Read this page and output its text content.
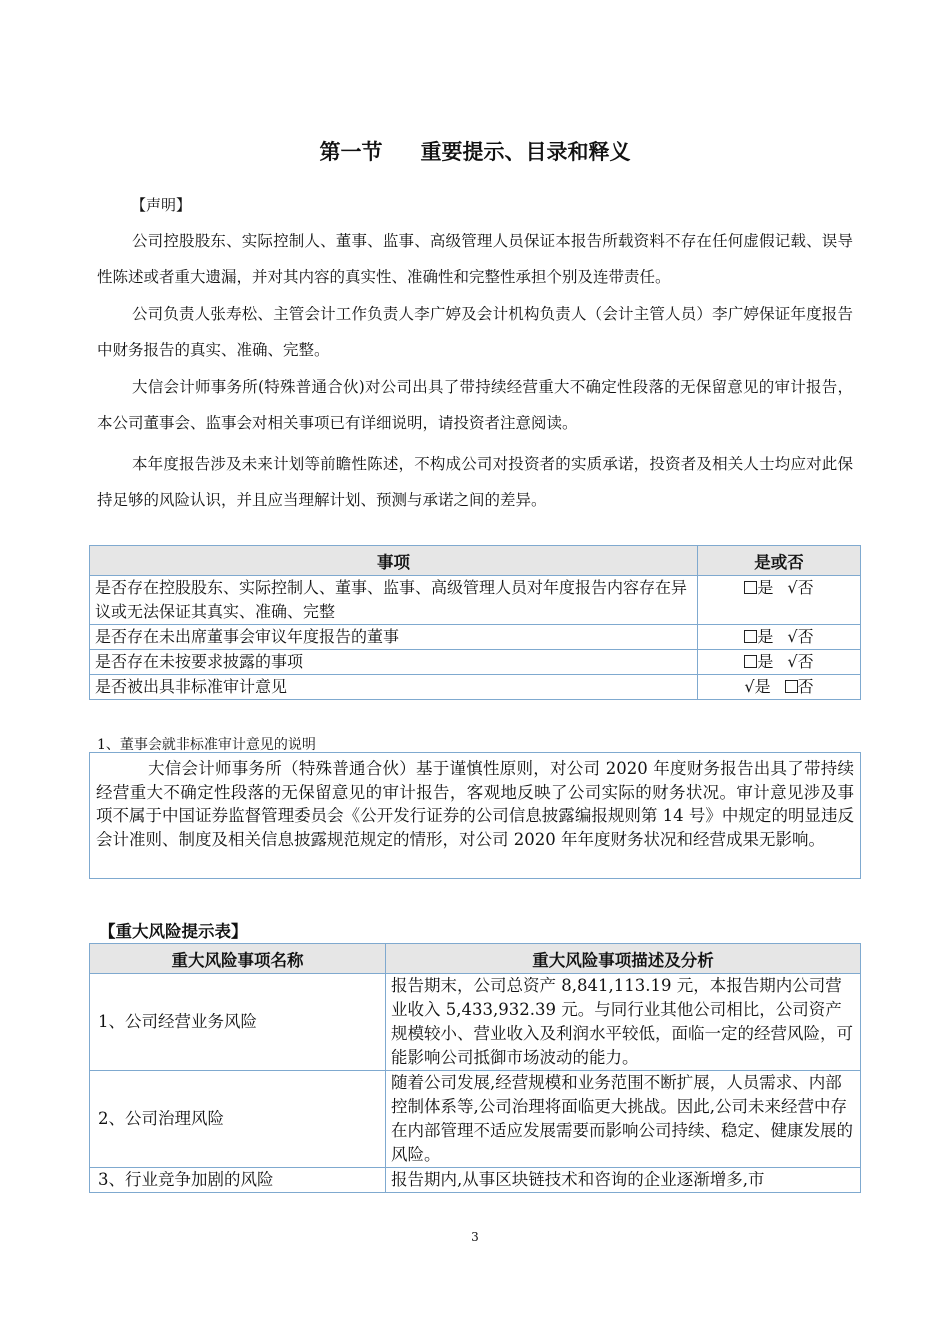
第一节 重要提示、目录和释义
【声明】

公司控股股东、实际控制人、董事、监事、高级管理人员保证本报告所载资料不存在任何虚假记载、误导性陈述或者重大遗漏，并对其内容的真实性、准确性和完整性承担个别及连带责任。

公司负责人张寿松、主管会计工作负责人李广婷及会计机构负责人（会计主管人员）李广婷保证年度报告中财务报告的真实、准确、完整。

大信会计师事务所(特殊普通合伙)对公司出具了带持续经营重大不确定性段落的无保留意见的审计报告，本公司董事会、监事会对相关事项已有详细说明，请投资者注意阅读。

本年度报告涉及未来计划等前瞻性陈述，不构成公司对投资者的实质承诺，投资者及相关人士均应对此保持足够的风险认识，并且应当理解计划、预测与承诺之间的差异。

事项	是或否
是否存在控股股东、实际控制人、董事、监事、高级管理人员对年度报告内容存在异议或无法保证其真实、准确、完整	是 √否
是否存在未出席董事会审议年度报告的董事	是 √否
是否存在未按要求披露的事项	是 √否
是否被出具非标准审计意见	√是 否
1、董事会就非标准审计意见的说明
大信会计师事务所（特殊普通合伙）基于谨慎性原则，对公司 2020 年度财务报告出具了带持续经营重大不确定性段落的无保留意见的审计报告，客观地反映了公司实际的财务状况。审计意见涉及事项不属于中国证券监督管理委员会《公开发行证券的公司信息披露编报规则第 14 号》中规定的明显违反会计准则、制度及相关信息披露规范规定的情形，对公司 2020 年年度财务状况和经营成果无影响。
【重大风险提示表】
重大风险事项名称	重大风险事项描述及分析
1、公司经营业务风险	报告期末，公司总资产 8,841,113.19 元，本报告期内公司营业收入 5,433,932.39 元。与同行业其他公司相比，公司资产规模较小、营业收入及利润水平较低，面临一定的经营风险，可能影响公司抵御市场波动的能力。
2、公司治理风险	随着公司发展,经营规模和业务范围不断扩展，人员需求、内部控制体系等,公司治理将面临更大挑战。因此,公司未来经营中存在内部管理不适应发展需要而影响公司持续、稳定、健康发展的风险。
3、行业竞争加剧的风险	报告期内,从事区块链技术和咨询的企业逐渐增多,市
3
